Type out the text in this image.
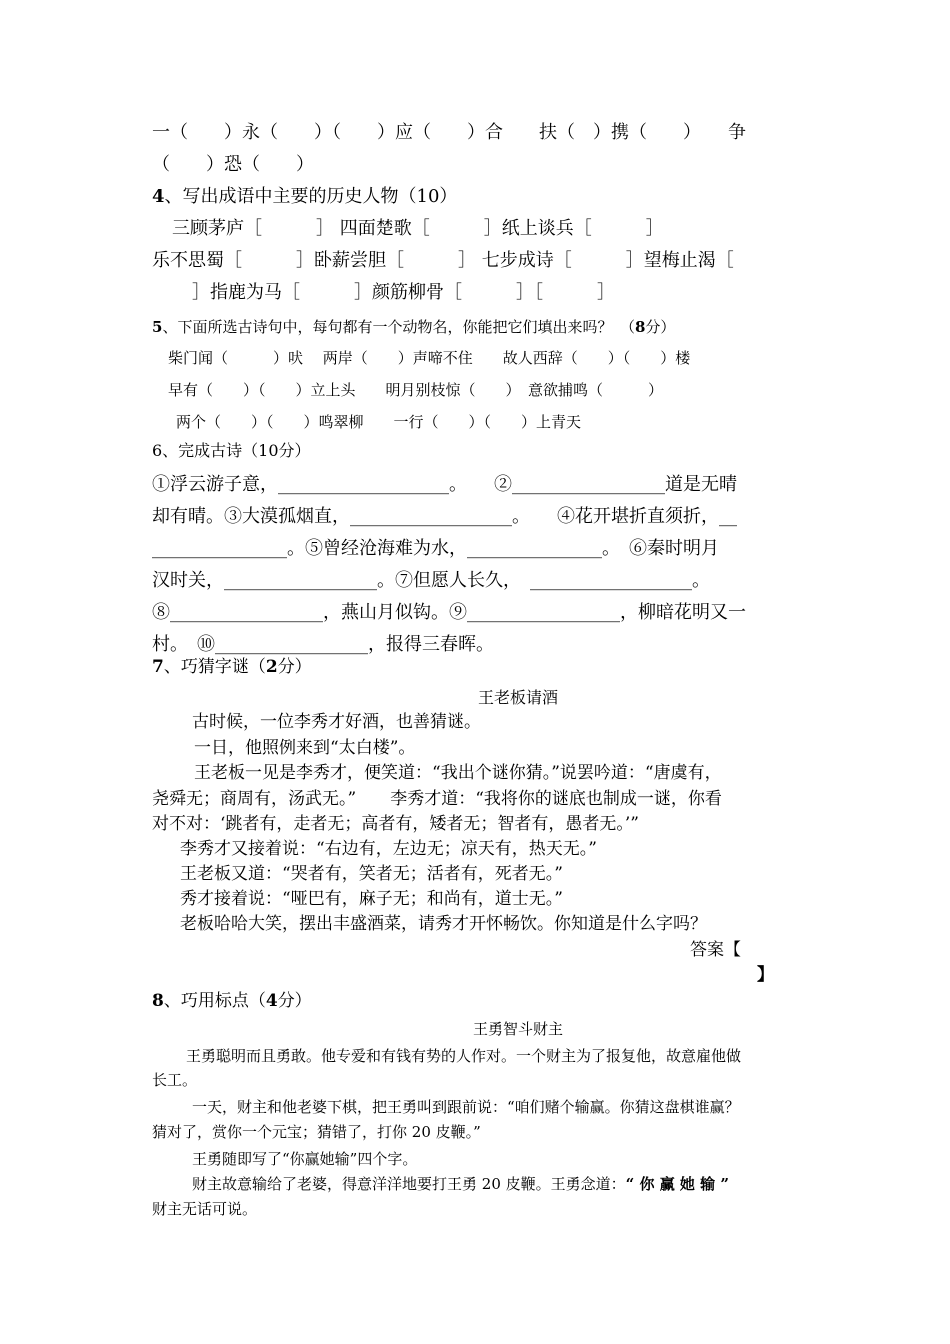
一（　　）永（　　）（　　）应（　　）合　　扶（　）携（　　）　　争
（　　）恐（　　）
4、写出成语中主要的历史人物（10）
三顾茅庐［　　　］ 四面楚歌［　　　］纸上谈兵［　　　］
乐不思蜀［　　　］卧薪尝胆［　　　］ 七步成诗［　　　］望梅止渴［
］指鹿为马［　　　］颜筋柳骨［　　　］［　　　］
5、下面所选古诗句中，每句都有一个动物名，你能把它们填出来吗？　（8分）
柴门闻（　　　）吠　 两岸（　　）声啼不住　　故人西辞（　　）（　　）楼
早有（　　）（　　）立上头　　明月别枝惊（　　）　意欲捕鸣（　　　）
两个（　　）（　　）鸣翠柳　　一行（　　）（　　）上青天
6、完成古诗（10分）
①浮云游子意，___________________。　　②_________________道是无晴
却有晴。③大漠孤烟直，__________________。　　④花开堪折直须折，__
_______________。⑤曾经沧海难为水，_______________。　⑥秦时明月
汉时关，_________________。⑦但愿人长久，　__________________。
⑧_________________，燕山月似钩。⑨_________________，柳暗花明又一
村。　⑩_________________，报得三春晖。
7、巧猜字谜（2分）
王老板请酒
古时候，一位李秀才好酒，也善猜谜。
一日，他照例来到“太白楼”。
王老板一见是李秀才，便笑道：“我出个谜你猜。”说罢吟道：“唐虞有，
尧舜无；商周有，汤武无。”　　李秀才道：“我将你的谜底也制成一谜，你看
对不对：‘跳者有，走者无；高者有，矮者无；智者有，愚者无。’”
李秀才又接着说：“右边有，左边无；凉天有，热天无。”
王老板又道：“哭者有，笑者无；活者有，死者无。”
秀才接着说：“哑巴有，麻子无；和尚有，道士无。”
老板哈哈大笑，摆出丰盛酒菜，请秀才开怀畅饮。你知道是什么字吗？
答案【
】
8、巧用标点（4分）
王勇智斗财主
王勇聪明而且勇敢。他专爱和有钱有势的人作对。一个财主为了报复他，故意雇他做
长工。
一天，财主和他老婆下棋，把王勇叫到跟前说：“咱们赌个输赢。你猜这盘棋谁赢？
猜对了，赏你一个元宝；猜错了，打你 20 皮鞭。”
王勇随即写了“你赢她输”四个字。
财主故意输给了老婆，得意洋洋地要打王勇 20 皮鞭。王勇念道：“ 你 赢 她 输 ”
财主无话可说。
